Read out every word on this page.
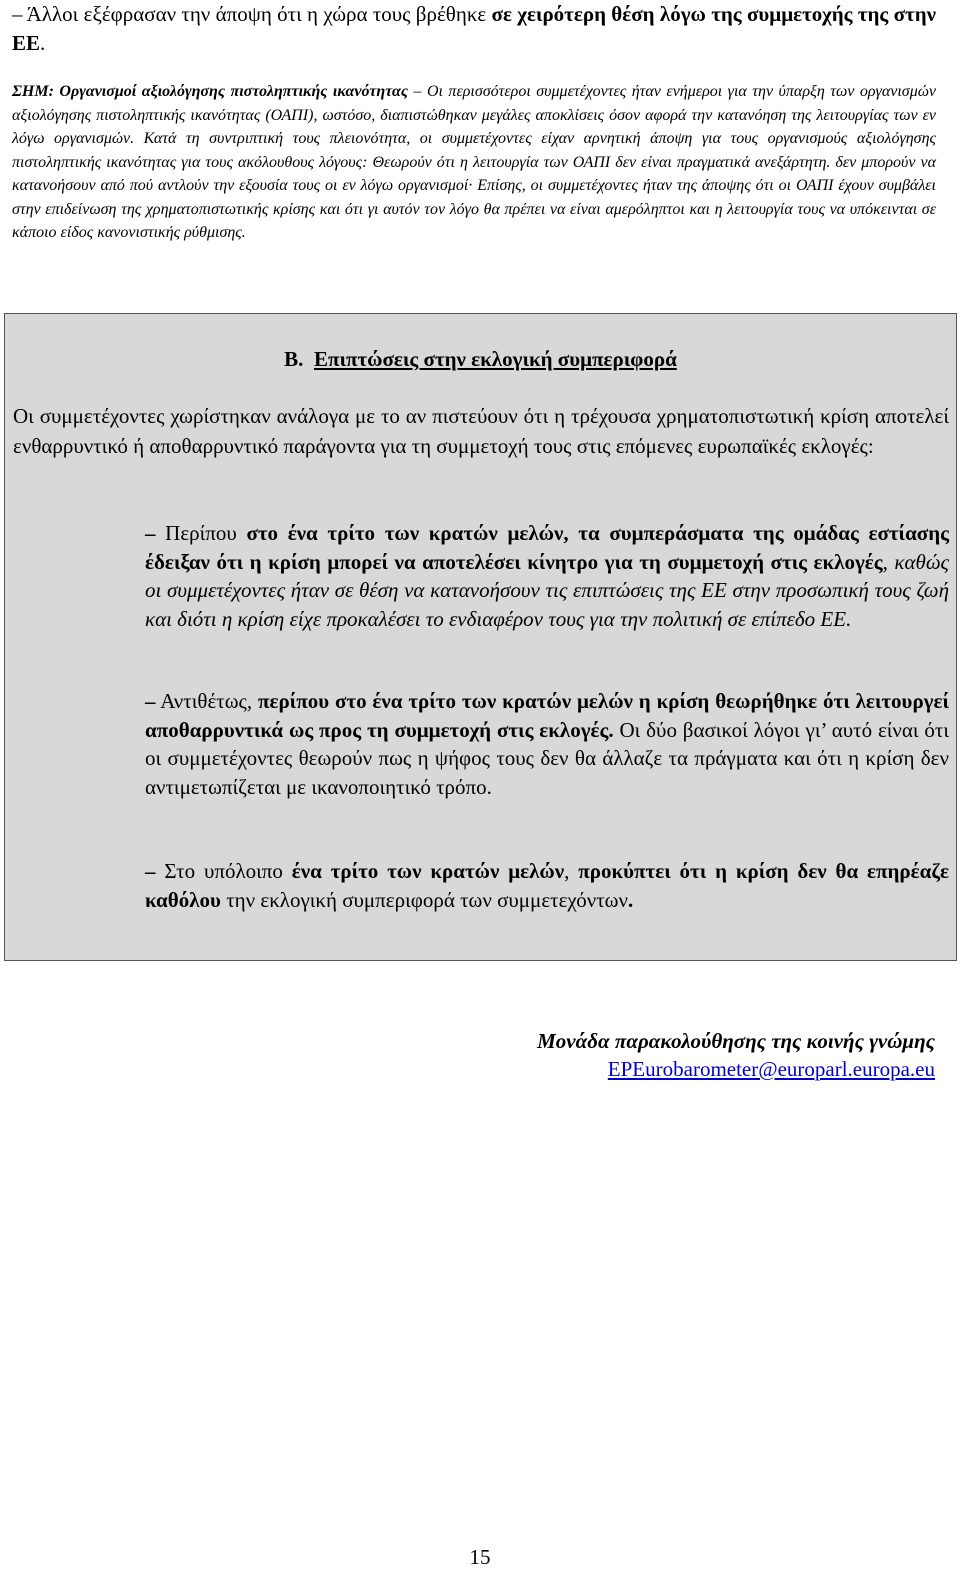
– Άλλοι εξέφρασαν την άποψη ότι η χώρα τους βρέθηκε σε χειρότερη θέση λόγω της συμμετοχής της στην ΕΕ.
ΣΗΜ: Οργανισμοί αξιολόγησης πιστοληπτικής ικανότητας – Οι περισσότεροι συμμετέχοντες ήταν ενήμεροι για την ύπαρξη των οργανισμών αξιολόγησης πιστοληπτικής ικανότητας (ΟΑΠΙ), ωστόσο, διαπιστώθηκαν μεγάλες αποκλίσεις όσον αφορά την κατανόηση της λειτουργίας των εν λόγω οργανισμών. Κατά τη συντριπτική τους πλειονότητα, οι συμμετέχοντες είχαν αρνητική άποψη για τους οργανισμούς αξιολόγησης πιστοληπτικής ικανότητας για τους ακόλουθους λόγους: Θεωρούν ότι η λειτουργία των ΟΑΠΙ δεν είναι πραγματικά ανεξάρτητη. δεν μπορούν να κατανοήσουν από πού αντλούν την εξουσία τους οι εν λόγω οργανισμοί· Επίσης, οι συμμετέχοντες ήταν της άποψης ότι οι ΟΑΠΙ έχουν συμβάλει στην επιδείνωση της χρηματοπιστωτικής κρίσης και ότι γι αυτόν τον λόγο θα πρέπει να είναι αμερόληπτοι και η λειτουργία τους να υπόκεινται σε κάποιο είδος κανονιστικής ρύθμισης.
Β. Επιπτώσεις στην εκλογική συμπεριφορά
Οι συμμετέχοντες χωρίστηκαν ανάλογα με το αν πιστεύουν ότι η τρέχουσα χρηματοπιστωτική κρίση αποτελεί ενθαρρυντικό ή αποθαρρυντικό παράγοντα για τη συμμετοχή τους στις επόμενες ευρωπαϊκές εκλογές:
– Περίπου στο ένα τρίτο των κρατών μελών, τα συμπεράσματα της ομάδας εστίασης έδειξαν ότι η κρίση μπορεί να αποτελέσει κίνητρο για τη συμμετοχή στις εκλογές, καθώς οι συμμετέχοντες ήταν σε θέση να κατανοήσουν τις επιπτώσεις της ΕΕ στην προσωπική τους ζωή και διότι η κρίση είχε προκαλέσει το ενδιαφέρον τους για την πολιτική σε επίπεδο ΕΕ.
– Αντιθέτως, περίπου στο ένα τρίτο των κρατών μελών η κρίση θεωρήθηκε ότι λειτουργεί αποθαρρυντικά ως προς τη συμμετοχή στις εκλογές. Οι δύο βασικοί λόγοι γι’ αυτό είναι ότι οι συμμετέχοντες θεωρούν πως η ψήφος τους δεν θα άλλαζε τα πράγματα και ότι η κρίση δεν αντιμετωπίζεται με ικανοποιητικό τρόπο.
– Στο υπόλοιπο ένα τρίτο των κρατών μελών, προκύπτει ότι η κρίση δεν θα επηρέαζε καθόλου την εκλογική συμπεριφορά των συμμετεχόντων.
Μονάδα παρακολούθησης της κοινής γνώμης
EPEurobarometer@europarl.europa.eu
15
